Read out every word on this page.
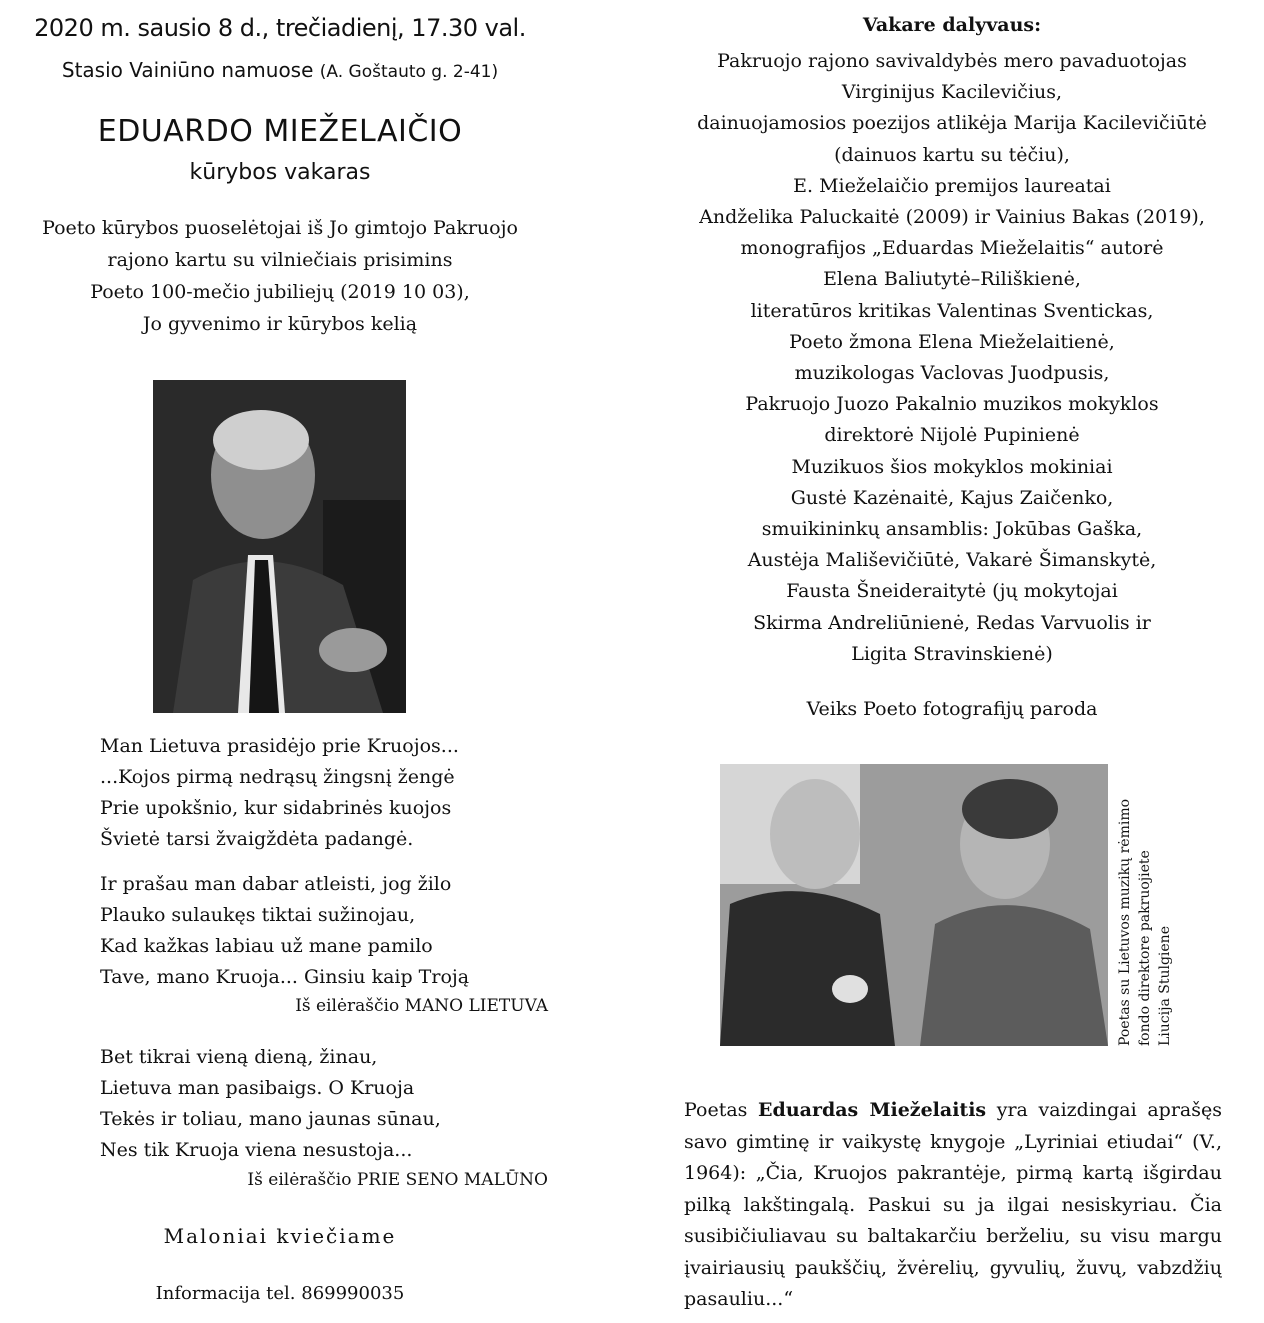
2020 m. sausio 8 d., trečiadienį, 17.30 val.
Stasio Vainiūno namuose (A. Goštauto g. 2-41)
EDUARDO MIEŽELAIČIO
kūrybos vakaras
Poeto kūrybos puoselėtojai iš Jo gimtojo Pakruojo
rajono kartu su vilniečiais prisimins
Poeto 100-mečio jubiliejų (2019 10 03),
Jo gyvenimo ir kūrybos kelią
Man Lietuva prasidėjo prie Kruojos...
...Kojos pirmą nedrąsų žingsnį žengė
Prie upokšnio, kur sidabrinės kuojos
Švietė tarsi žvaigždėta padangė.
Ir prašau man dabar atleisti, jog žilo
Plauko sulaukęs tiktai sužinojau,
Kad kažkas labiau už mane pamilo
Tave, mano Kruoja... Ginsiu kaip Troją
Iš eilėraščio MANO LIETUVA
Bet tikrai vieną dieną, žinau,
Lietuva man pasibaigs. O Kruoja
Tekės ir toliau, mano jaunas sūnau,
Nes tik Kruoja viena nesustoja...
Iš eilėraščio PRIE SENO MALŪNO
Maloniai kviečiame
Informacija tel. 869990035
Vakare dalyvaus:
Pakruojo rajono savivaldybės mero pavaduotojas
Virginijus Kacilevičius,
dainuojamosios poezijos atlikėja Marija Kacilevičiūtė
(dainuos kartu su tėčiu),
E. Mieželaičio premijos laureatai
Andželika Paluckaitė (2009) ir Vainius Bakas (2019),
monografijos „Eduardas Mieželaitis“ autorė
Elena Baliutytė–Riliškienė,
literatūros kritikas Valentinas Sventickas,
Poeto žmona Elena Mieželaitienė,
muzikologas Vaclovas Juodpusis,
Pakruojo Juozo Pakalnio muzikos mokyklos
direktorė Nijolė Pupinienė
Muzikuos šios mokyklos mokiniai
Gustė Kazėnaitė, Kajus Zaičenko,
smuikininkų ansamblis: Jokūbas Gaška,
Austėja Mališevičiūtė, Vakarė Šimanskytė,
Fausta Šneideraitytė (jų mokytojai
Skirma Andreliūnienė, Redas Varvuolis ir
Ligita Stravinskienė)
Veiks Poeto fotografijų paroda
Poetas su Lietuvos muzikų rėmimo fondo direktore pakruojiete Liucija Stulgiene
Poetas Eduardas Mieželaitis yra vaizdingai aprašęs savo gimtinę ir vaikystę knygoje „Lyriniai etiudai“ (V., 1964): „Čia, Kruojos pakrantėje, pirmą kartą išgirdau pilką lakštingalą. Paskui su ja ilgai nesiskyriau. Čia susibičiuliavau su baltakarčiu berželiu, su visu margu įvairiausių paukščių, žvėrelių, gyvulių, žuvų, vabzdžių pasauliu...“
